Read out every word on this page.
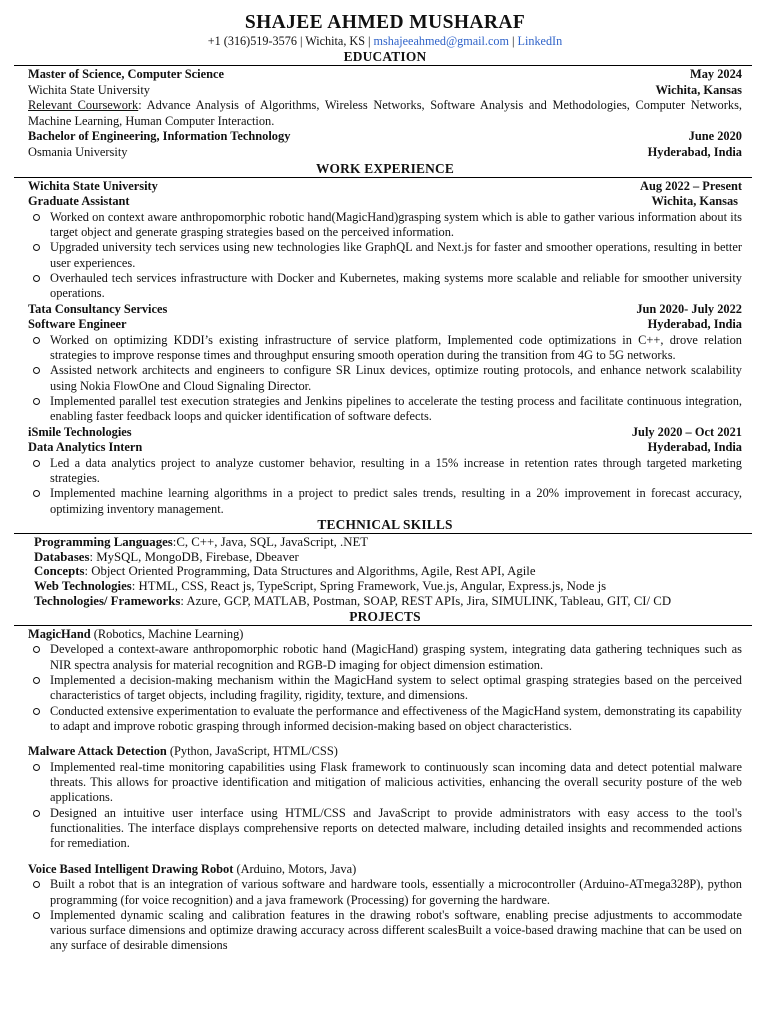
SHAJEE AHMED MUSHARAF
+1 (316)519-3576 | Wichita, KS | mshajeeahmed@gmail.com | LinkedIn
EDUCATION
Master of Science, Computer Science	May 2024
Wichita State University	Wichita, Kansas
Relevant Coursework: Advance Analysis of Algorithms, Wireless Networks, Software Analysis and Methodologies, Computer Networks, Machine Learning, Human Computer Interaction.
Bachelor of Engineering, Information Technology	June 2020
Osmania University	Hyderabad, India
WORK EXPERIENCE
Wichita State University	Aug 2022 – Present
Graduate Assistant	Wichita, Kansas
Worked on context aware anthropomorphic robotic hand(MagicHand)grasping system which is able to gather various information about its target object and generate grasping strategies based on the perceived information.
Upgraded university tech services using new technologies like GraphQL and Next.js for faster and smoother operations, resulting in better user experiences.
Overhauled tech services infrastructure with Docker and Kubernetes, making systems more scalable and reliable for smoother university operations.
Tata Consultancy Services	Jun 2020- July 2022
Software Engineer	Hyderabad, India
Worked on optimizing KDDI’s existing infrastructure of service platform, Implemented code optimizations in C++, drove relation strategies to improve response times and throughput ensuring smooth operation during the transition from 4G to 5G networks.
Assisted network architects and engineers to configure SR Linux devices, optimize routing protocols, and enhance network scalability using Nokia FlowOne and Cloud Signaling Director.
Implemented parallel test execution strategies and Jenkins pipelines to accelerate the testing process and facilitate continuous integration, enabling faster feedback loops and quicker identification of software defects.
iSmile Technologies	July 2020 – Oct 2021
Data Analytics Intern	Hyderabad, India
Led a data analytics project to analyze customer behavior, resulting in a 15% increase in retention rates through targeted marketing strategies.
Implemented machine learning algorithms in a project to predict sales trends, resulting in a 20% improvement in forecast accuracy, optimizing inventory management.
TECHNICAL SKILLS
Programming Languages:C, C++, Java, SQL, JavaScript, .NET
Databases: MySQL, MongoDB, Firebase, Dbeaver
Concepts: Object Oriented Programming, Data Structures and Algorithms, Agile, Rest API, Agile
Web Technologies: HTML, CSS, React js, TypeScript, Spring Framework, Vue.js, Angular, Express.js, Node js
Technologies/ Frameworks: Azure, GCP, MATLAB, Postman, SOAP, REST APIs, Jira, SIMULINK, Tableau, GIT, CI/ CD
PROJECTS
MagicHand (Robotics, Machine Learning)
Developed a context-aware anthropomorphic robotic hand (MagicHand) grasping system, integrating data gathering techniques such as NIR spectra analysis for material recognition and RGB-D imaging for object dimension estimation.
Implemented a decision-making mechanism within the MagicHand system to select optimal grasping strategies based on the perceived characteristics of target objects, including fragility, rigidity, texture, and dimensions.
Conducted extensive experimentation to evaluate the performance and effectiveness of the MagicHand system, demonstrating its capability to adapt and improve robotic grasping through informed decision-making based on object characteristics.
Malware Attack Detection (Python, JavaScript, HTML/CSS)
Implemented real-time monitoring capabilities using Flask framework to continuously scan incoming data and detect potential malware threats. This allows for proactive identification and mitigation of malicious activities, enhancing the overall security posture of the web applications.
Designed an intuitive user interface using HTML/CSS and JavaScript to provide administrators with easy access to the tool's functionalities. The interface displays comprehensive reports on detected malware, including detailed insights and recommended actions for remediation.
Voice Based Intelligent Drawing Robot (Arduino, Motors, Java)
Built a robot that is an integration of various software and hardware tools, essentially a microcontroller (Arduino-ATmega328P), python programming (for voice recognition) and a java framework (Processing) for governing the hardware.
Implemented dynamic scaling and calibration features in the drawing robot's software, enabling precise adjustments to accommodate various surface dimensions and optimize drawing accuracy across different scalesBuilt a voice-based drawing machine that can be used on any surface of desirable dimensions
